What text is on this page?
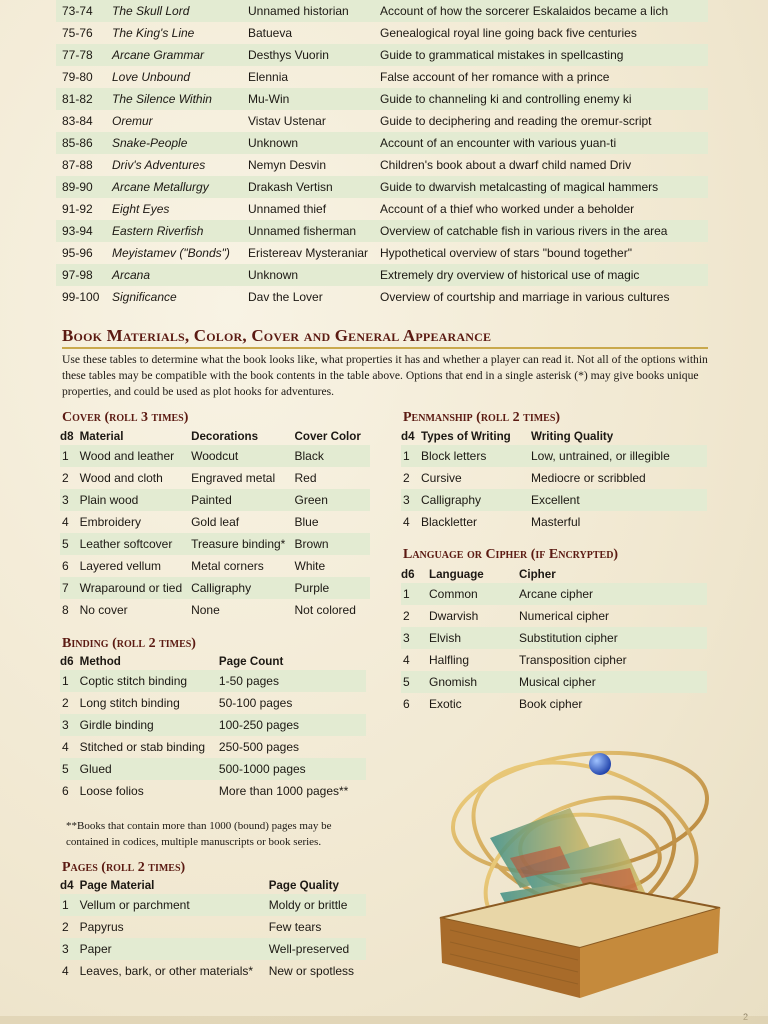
73-74	The Skull Lord	Unnamed historian	Account of how the sorcerer Eskalaidos became a lich
75-76	The King's Line	Batueva	Genealogical royal line going back five centuries
77-78	Arcane Grammar	Desthys Vuorin	Guide to grammatical mistakes in spellcasting
79-80	Love Unbound	Elennia	False account of her romance with a prince
81-82	The Silence Within	Mu-Win	Guide to channeling ki and controlling enemy ki
83-84	Oremur	Vistav Ustenar	Guide to deciphering and reading the oremur-script
85-86	Snake-People	Unknown	Account of an encounter with various yuan-ti
87-88	Driv's Adventures	Nemyn Desvin	Children's book about a dwarf child named Driv
89-90	Arcane Metallurgy	Drakash Vertisn	Guide to dwarvish metalcasting of magical hammers
91-92	Eight Eyes	Unnamed thief	Account of a thief who worked under a beholder
93-94	Eastern Riverfish	Unnamed fisherman	Overview of catchable fish in various rivers in the area
95-96	Meyistamev ("Bonds")	Eristereav Mysteraniar	Hypothetical overview of stars "bound together"
97-98	Arcana	Unknown	Extremely dry overview of historical use of magic
99-100	Significance	Dav the Lover	Overview of courtship and marriage in various cultures
Book Materials, Color, Cover and General Appearance
Use these tables to determine what the book looks like, what properties it has and whether a player can read it. Not all of the options within these tables may be compatible with the book contents in the table above. Options that end in a single asterisk (*) may give books unique properties, and could be used as plot hooks for adventures.
Cover (roll 3 times)
d8	Material	Decorations	Cover Color
1	Wood and leather	Woodcut	Black
2	Wood and cloth	Engraved metal	Red
3	Plain wood	Painted	Green
4	Embroidery	Gold leaf	Blue
5	Leather softcover	Treasure binding*	Brown
6	Layered vellum	Metal corners	White
7	Wraparound or tied	Calligraphy	Purple
8	No cover	None	Not colored
Binding (roll 2 times)
d6	Method	Page Count
1	Coptic stitch binding	1-50 pages
2	Long stitch binding	50-100 pages
3	Girdle binding	100-250 pages
4	Stitched or stab binding	250-500 pages
5	Glued	500-1000 pages
6	Loose folios	More than 1000 pages**
**Books that contain more than 1000 (bound) pages may be contained in codices, multiple manuscripts or book series.
Pages (roll 2 times)
d4	Page Material	Page Quality
1	Vellum or parchment	Moldy or brittle
2	Papyrus	Few tears
3	Paper	Well-preserved
4	Leaves, bark, or other materials*	New or spotless
Penmanship (roll 2 times)
d4	Types of Writing	Writing Quality
1	Block letters	Low, untrained, or illegible
2	Cursive	Mediocre or scribbled
3	Calligraphy	Excellent
4	Blackletter	Masterful
Language or Cipher (if Encrypted)
d6	Language	Cipher
1	Common	Arcane cipher
2	Dwarvish	Numerical cipher
3	Elvish	Substitution cipher
4	Halfling	Transposition cipher
5	Gnomish	Musical cipher
6	Exotic	Book cipher
